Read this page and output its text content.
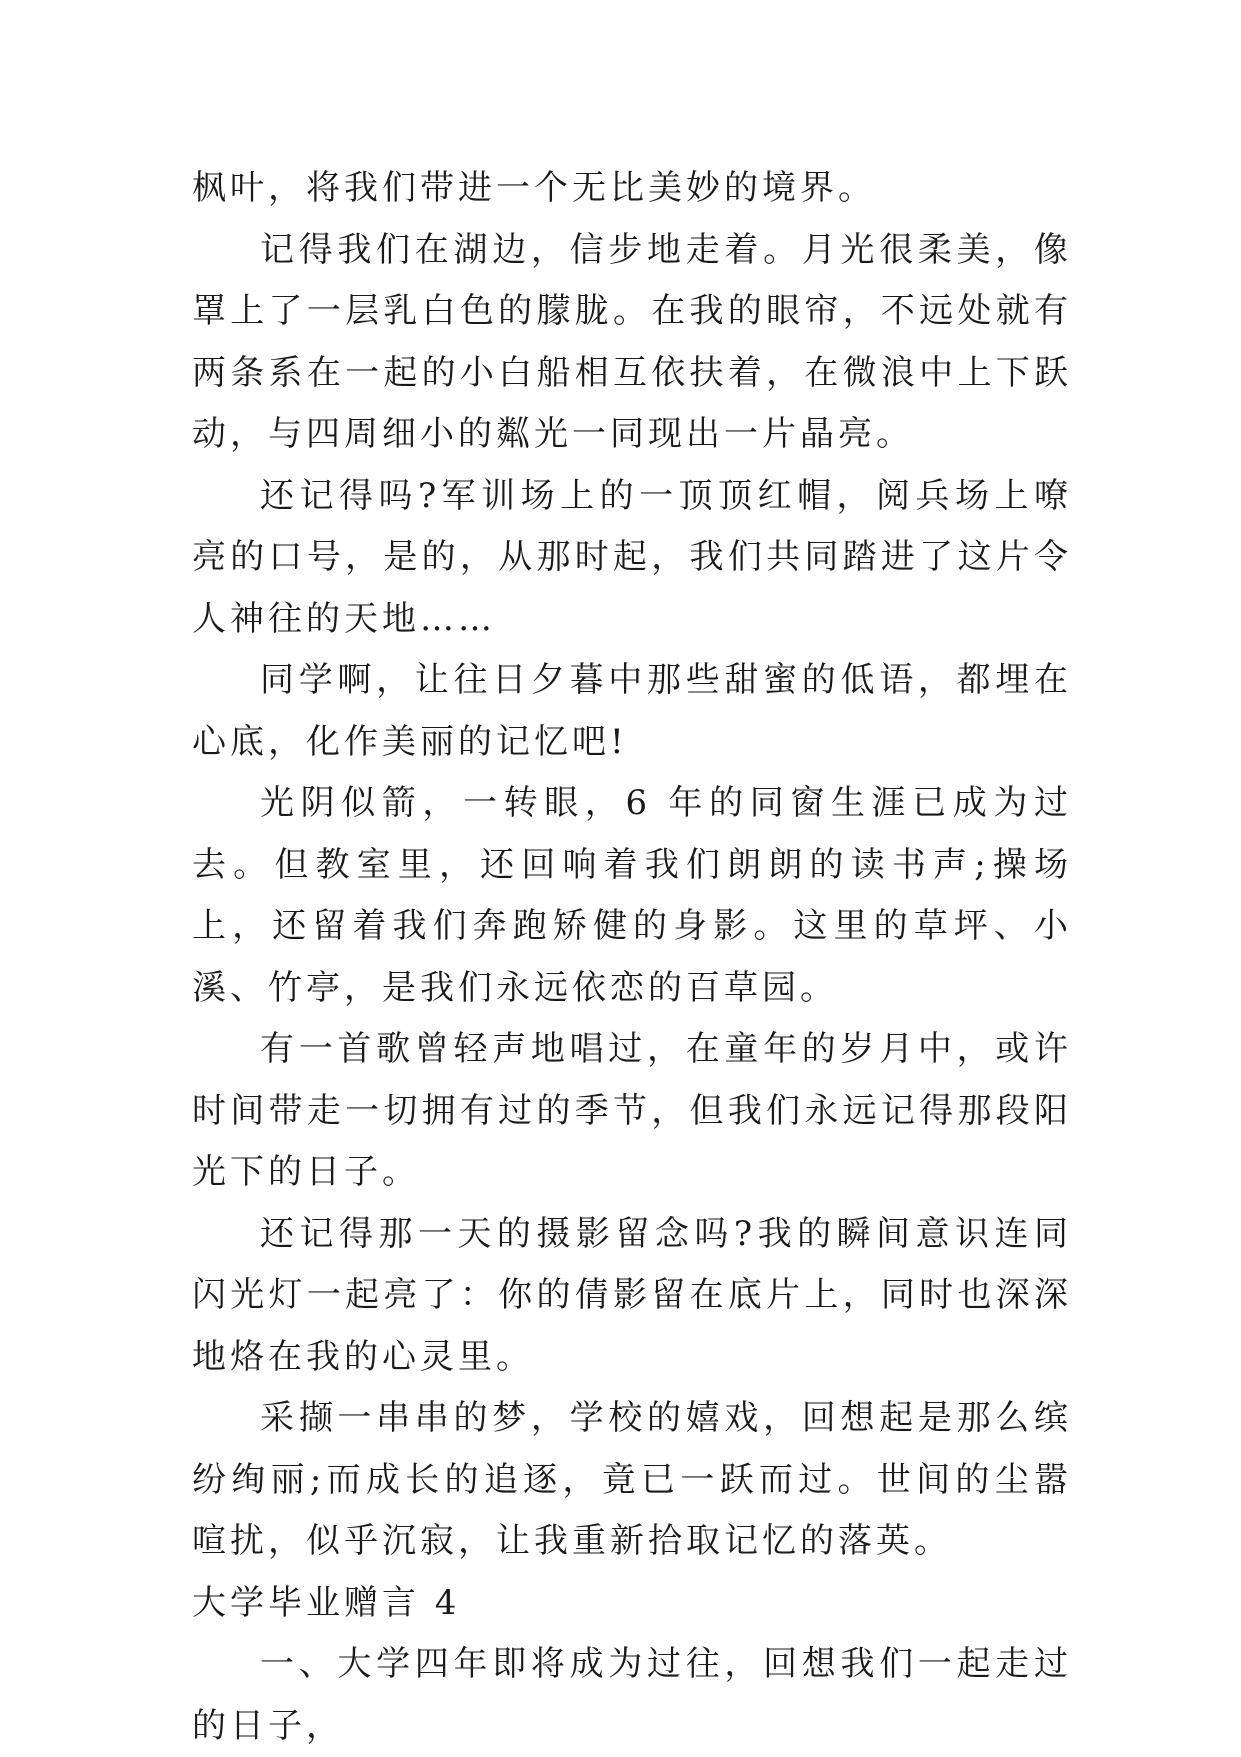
枫叶，将我们带进一个无比美妙的境界。

记得我们在湖边，信步地走着。月光很柔美，像罩上了一层乳白色的朦胧。在我的眼帘，不远处就有两条系在一起的小白船相互依扶着，在微浪中上下跃动，与四周细小的粼光一同现出一片晶亮。

还记得吗?军训场上的一顶顶红帽，阅兵场上嘹亮的口号，是的，从那时起，我们共同踏进了这片令人神往的天地……

同学啊，让往日夕暮中那些甜蜜的低语，都埋在心底，化作美丽的记忆吧!

光阴似箭，一转眼，6 年的同窗生涯已成为过去。但教室里，还回响着我们朗朗的读书声;操场上，还留着我们奔跑矫健的身影。这里的草坪、小溪、竹亭，是我们永远依恋的百草园。

有一首歌曾轻声地唱过，在童年的岁月中，或许时间带走一切拥有过的季节，但我们永远记得那段阳光下的日子。

还记得那一天的摄影留念吗?我的瞬间意识连同闪光灯一起亮了：你的倩影留在底片上，同时也深深地烙在我的心灵里。

采撷一串串的梦，学校的嬉戏，回想起是那么缤纷绚丽;而成长的追逐，竟已一跃而过。世间的尘嚣喧扰，似乎沉寂，让我重新拾取记忆的落英。

大学毕业赠言 4

一、大学四年即将成为过往，回想我们一起走过的日子，
